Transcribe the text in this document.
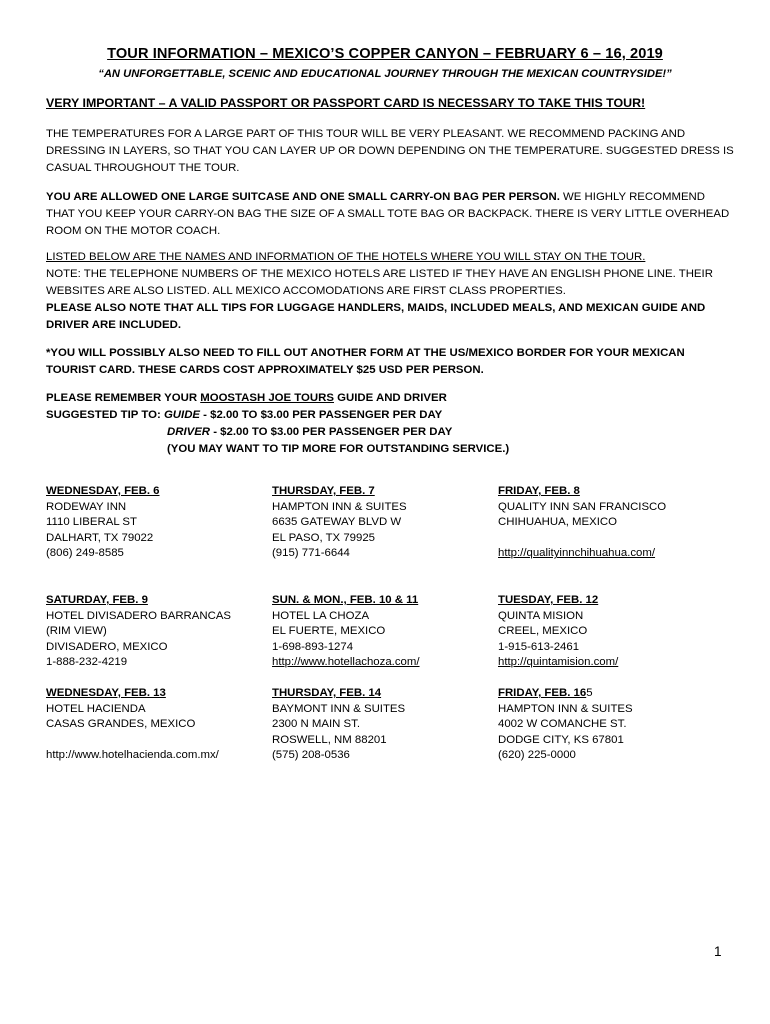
TOUR INFORMATION – MEXICO’S COPPER CANYON – FEBRUARY 6 – 16, 2019
“AN UNFORGETTABLE, SCENIC AND EDUCATIONAL JOURNEY THROUGH THE MEXICAN COUNTRYSIDE!”
VERY IMPORTANT – A VALID PASSPORT OR PASSPORT CARD IS NECESSARY TO TAKE THIS TOUR!
THE TEMPERATURES FOR A LARGE PART OF THIS TOUR WILL BE VERY PLEASANT. WE RECOMMEND PACKING AND DRESSING IN LAYERS, SO THAT YOU CAN LAYER UP OR DOWN DEPENDING ON THE TEMPERATURE. SUGGESTED DRESS IS CASUAL THROUGHOUT THE TOUR.
YOU ARE ALLOWED ONE LARGE SUITCASE AND ONE SMALL CARRY-ON BAG PER PERSON. WE HIGHLY RECOMMEND THAT YOU KEEP YOUR CARRY-ON BAG THE SIZE OF A SMALL TOTE BAG OR BACKPACK. THERE IS VERY LITTLE OVERHEAD ROOM ON THE MOTOR COACH.
LISTED BELOW ARE THE NAMES AND INFORMATION OF THE HOTELS WHERE YOU WILL STAY ON THE TOUR.
NOTE: THE TELEPHONE NUMBERS OF THE MEXICO HOTELS ARE LISTED IF THEY HAVE AN ENGLISH PHONE LINE. THEIR WEBSITES ARE ALSO LISTED. ALL MEXICO ACCOMODATIONS ARE FIRST CLASS PROPERTIES.
PLEASE ALSO NOTE THAT ALL TIPS FOR LUGGAGE HANDLERS, MAIDS, INCLUDED MEALS, AND MEXICAN GUIDE AND DRIVER ARE INCLUDED.
*YOU WILL POSSIBLY ALSO NEED TO FILL OUT ANOTHER FORM AT THE US/MEXICO BORDER FOR YOUR MEXICAN TOURIST CARD. THESE CARDS COST APPROXIMATELY $25 USD PER PERSON.
PLEASE REMEMBER YOUR MOOSTASH JOE TOURS GUIDE AND DRIVER
SUGGESTED TIP TO: GUIDE - $2.00 TO $3.00 PER PASSENGER PER DAY
DRIVER - $2.00 TO $3.00 PER PASSENGER PER DAY
(YOU MAY WANT TO TIP MORE FOR OUTSTANDING SERVICE.)
WEDNESDAY, FEB. 6
RODEWAY INN
1110 LIBERAL ST
DALHART, TX 79022
(806) 249-8585
THURSDAY, FEB. 7
HAMPTON INN & SUITES
6635 GATEWAY BLVD W
EL PASO, TX 79925
(915) 771-6644
FRIDAY, FEB. 8
QUALITY INN SAN FRANCISCO
CHIHUAHUA, MEXICO
http://qualityinnchihuahua.com/
SATURDAY, FEB. 9
HOTEL DIVISADERO BARRANCAS
(RIM VIEW)
DIVISADERO, MEXICO
1-888-232-4219
SUN. & MON., FEB. 10 & 11
HOTEL LA CHOZA
EL FUERTE, MEXICO
1-698-893-1274
http://www.hotellachoza.com/
TUESDAY, FEB. 12
QUINTA MISION
CREEL, MEXICO
1-915-613-2461
http://quintamision.com/
WEDNESDAY, FEB. 13
HOTEL HACIENDA
CASAS GRANDES, MEXICO
http://www.hotelhacienda.com.mx/
THURSDAY, FEB. 14
BAYMONT INN & SUITES
2300 N MAIN ST.
ROSWELL, NM 88201
(575) 208-0536
FRIDAY, FEB. 165
HAMPTON INN & SUITES
4002 W COMANCHE ST.
DODGE CITY, KS 67801
(620) 225-0000
1
